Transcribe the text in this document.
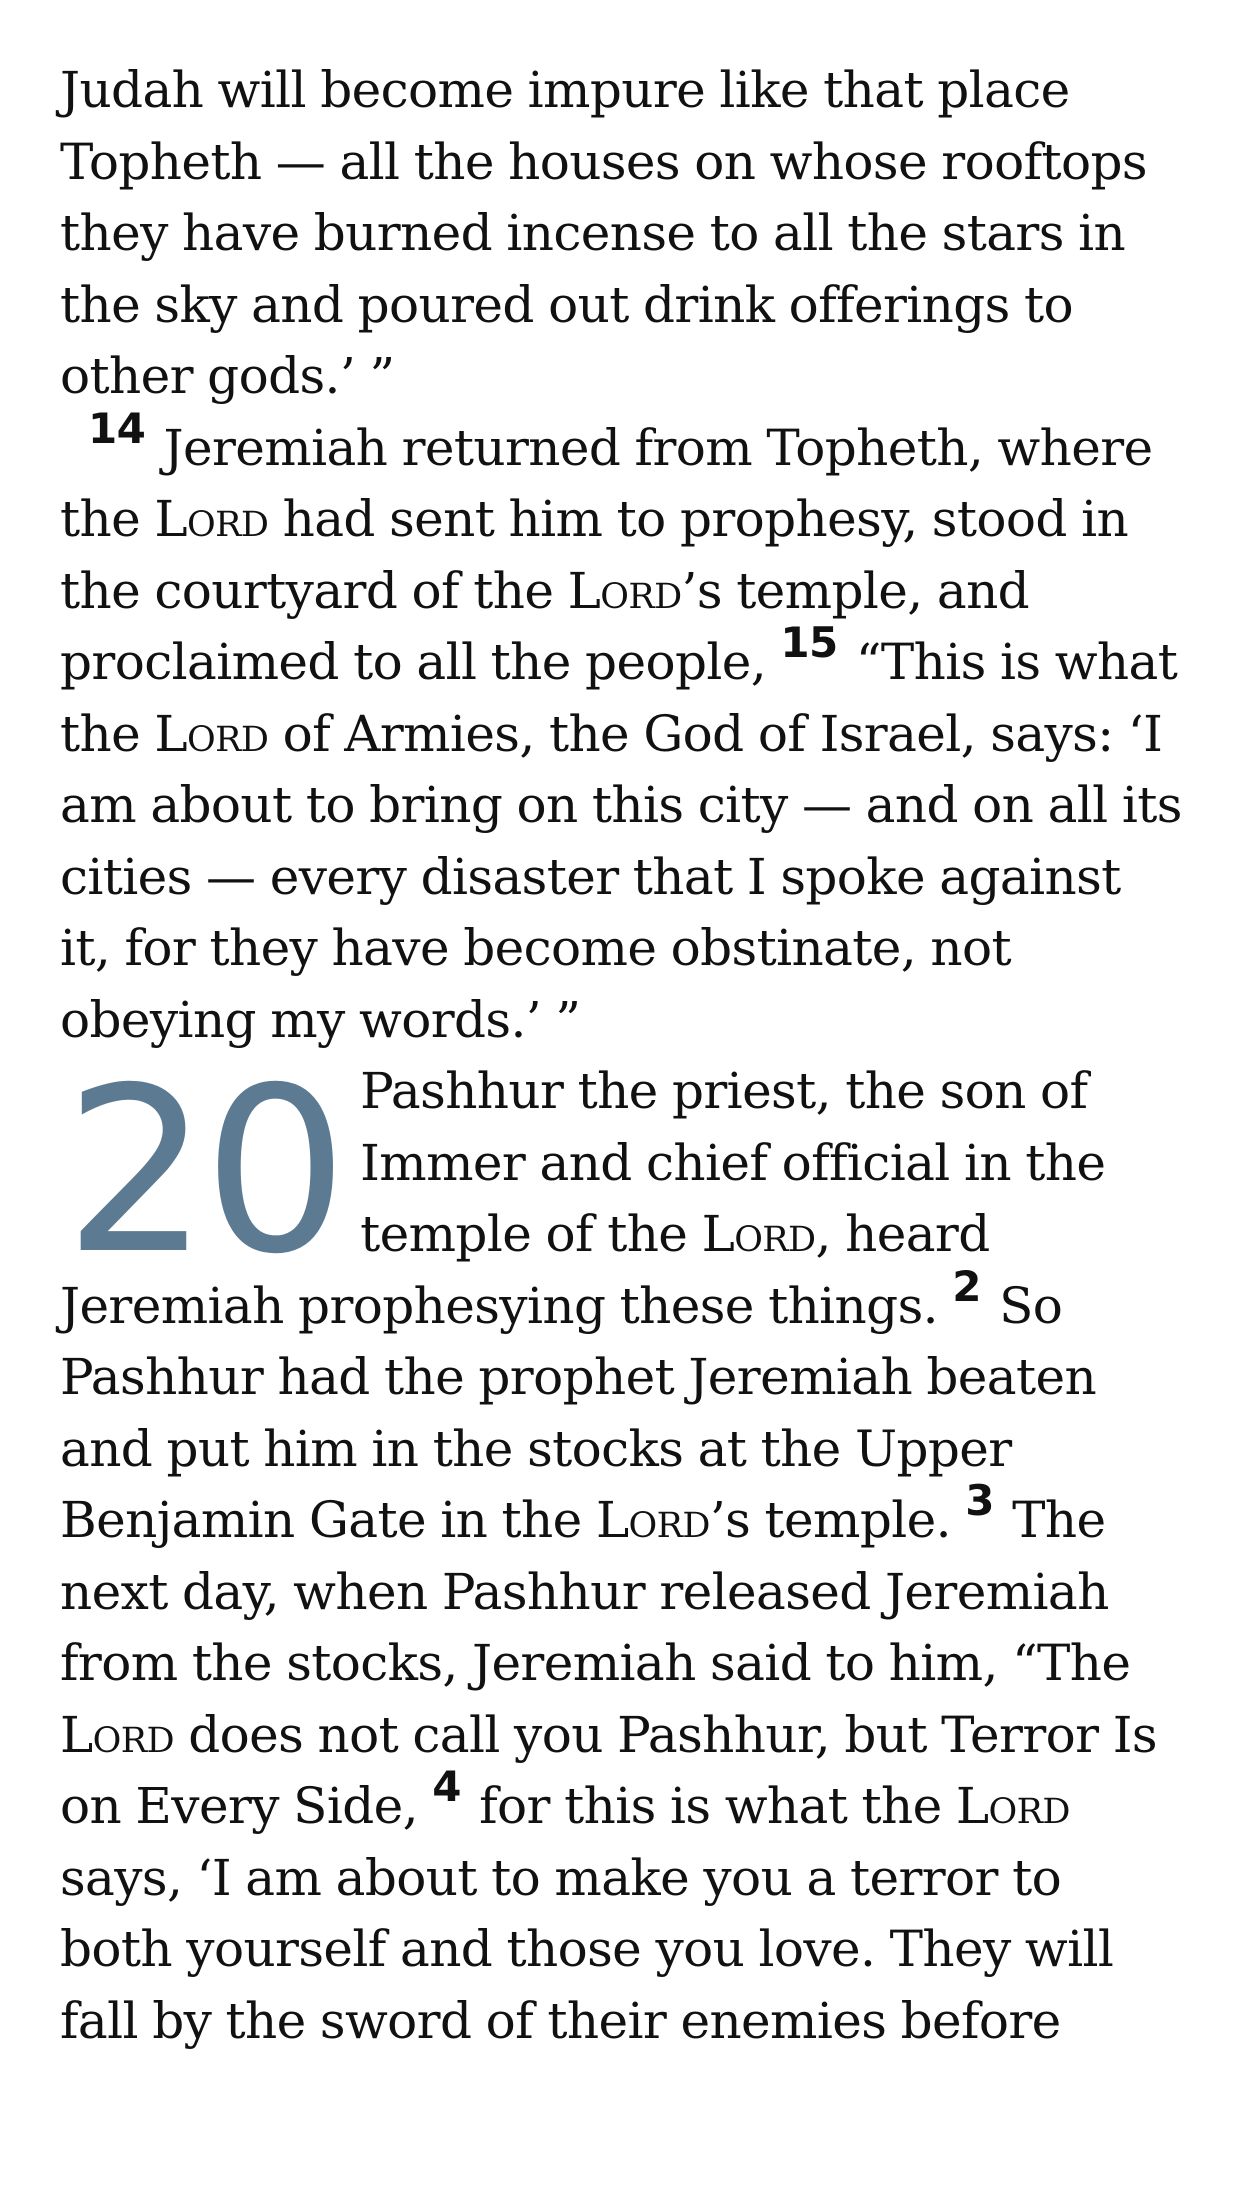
Judah will become impure like that place Topheth — all the houses on whose rooftops they have burned incense to all the stars in the sky and poured out drink offerings to other gods.’ ”

$^{14}$ Jeremiah returned from Topheth, where the Lord had sent him to prophesy, stood in the courtyard of the Lord’s temple, and proclaimed to all the people, $^{15}$ “This is what the Lord of Armies, the God of Israel, says: ‘I am about to bring on this city — and on all its cities — every disaster that I spoke against it, for they have become obstinate, not obeying my words.’ ”

20 Pashhur the priest, the son of Immer and chief official in the temple of the Lord, heard Jeremiah prophesying these things. $^2$ So Pashhur had the prophet Jeremiah beaten and put him in the stocks at the Upper Benjamin Gate in the Lord’s temple. $^3$ The next day, when Pashhur released Jeremiah from the stocks, Jeremiah said to him, “The Lord does not call you Pashhur, but Terror Is on Every Side, $^4$ for this is what the Lord says, ‘I am about to make you a terror to both yourself and those you love. They will fall by the sword of their enemies before
